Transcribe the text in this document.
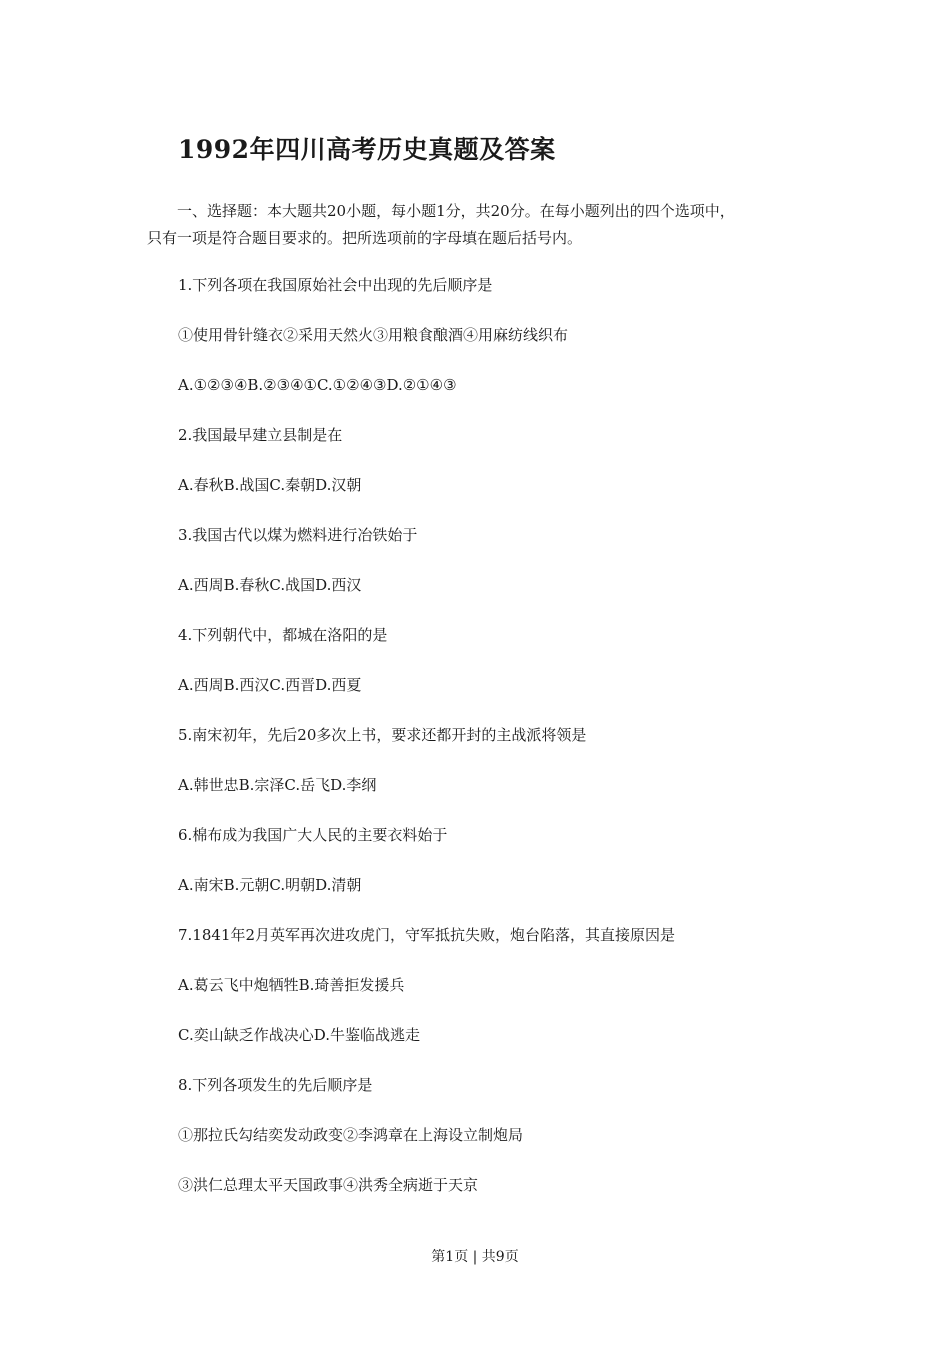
1992年四川高考历史真题及答案
一、选择题：本大题共20小题，每小题1分，共20分。在每小题列出的四个选项中，
只有一项是符合题目要求的。把所选项前的字母填在题后括号内。
1.下列各项在我国原始社会中出现的先后顺序是
①使用骨针缝衣②采用天然火③用粮食酿酒④用麻纺线织布
A.①②③④B.②③④①C.①②④③D.②①④③
2.我国最早建立县制是在
A.春秋B.战国C.秦朝D.汉朝
3.我国古代以煤为燃料进行冶铁始于
A.西周B.春秋C.战国D.西汉
4.下列朝代中，都城在洛阳的是
A.西周B.西汉C.西晋D.西夏
5.南宋初年，先后20多次上书，要求还都开封的主战派将领是
A.韩世忠B.宗泽C.岳飞D.李纲
6.棉布成为我国广大人民的主要衣料始于
A.南宋B.元朝C.明朝D.清朝
7.1841年2月英军再次进攻虎门，守军抵抗失败，炮台陷落，其直接原因是
A.葛云飞中炮牺牲B.琦善拒发援兵
C.奕山缺乏作战决心D.牛鉴临战逃走
8.下列各项发生的先后顺序是
①那拉氏勾结奕发动政变②李鸿章在上海设立制炮局
③洪仁总理太平天国政事④洪秀全病逝于天京
第1页 | 共9页
